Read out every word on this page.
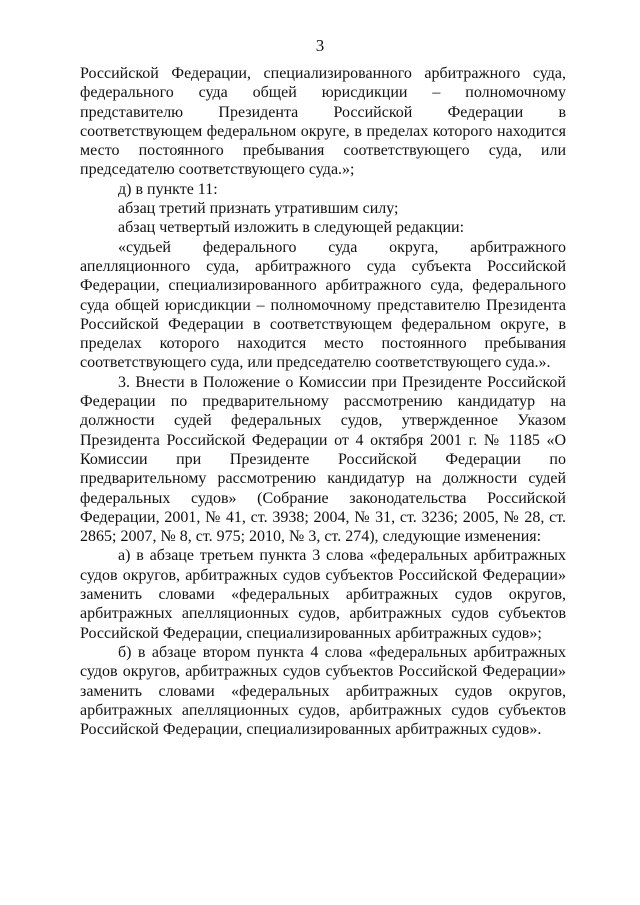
3

Российской Федерации, специализированного арбитражного суда, федерального суда общей юрисдикции – полномочному представителю Президента Российской Федерации в соответствующем федеральном округе, в пределах которого находится место постоянного пребывания соответствующего суда, или председателю соответствующего суда.»;

д) в пункте 11:

абзац третий признать утратившим силу;

абзац четвертый изложить в следующей редакции:

«судьей федерального суда округа, арбитражного апелляционного суда, арбитражного суда субъекта Российской Федерации, специализированного арбитражного суда, федерального суда общей юрисдикции – полномочному представителю Президента Российской Федерации в соответствующем федеральном округе, в пределах которого находится место постоянного пребывания соответствующего суда, или председателю соответствующего суда.».

3. Внести в Положение о Комиссии при Президенте Российской Федерации по предварительному рассмотрению кандидатур на должности судей федеральных судов, утвержденное Указом Президента Российской Федерации от 4 октября 2001 г. № 1185 «О Комиссии при Президенте Российской Федерации по предварительному рассмотрению кандидатур на должности судей федеральных судов» (Собрание законодательства Российской Федерации, 2001, № 41, ст. 3938; 2004, № 31, ст. 3236; 2005, № 28, ст. 2865; 2007, № 8, ст. 975; 2010, № 3, ст. 274), следующие изменения:

а) в абзаце третьем пункта 3 слова «федеральных арбитражных судов округов, арбитражных судов субъектов Российской Федерации» заменить словами «федеральных арбитражных судов округов, арбитражных апелляционных судов, арбитражных судов субъектов Российской Федерации, специализированных арбитражных судов»;

б) в абзаце втором пункта 4 слова «федеральных арбитражных судов округов, арбитражных судов субъектов Российской Федерации» заменить словами «федеральных арбитражных судов округов, арбитражных апелляционных судов, арбитражных судов субъектов Российской Федерации, специализированных арбитражных судов».
